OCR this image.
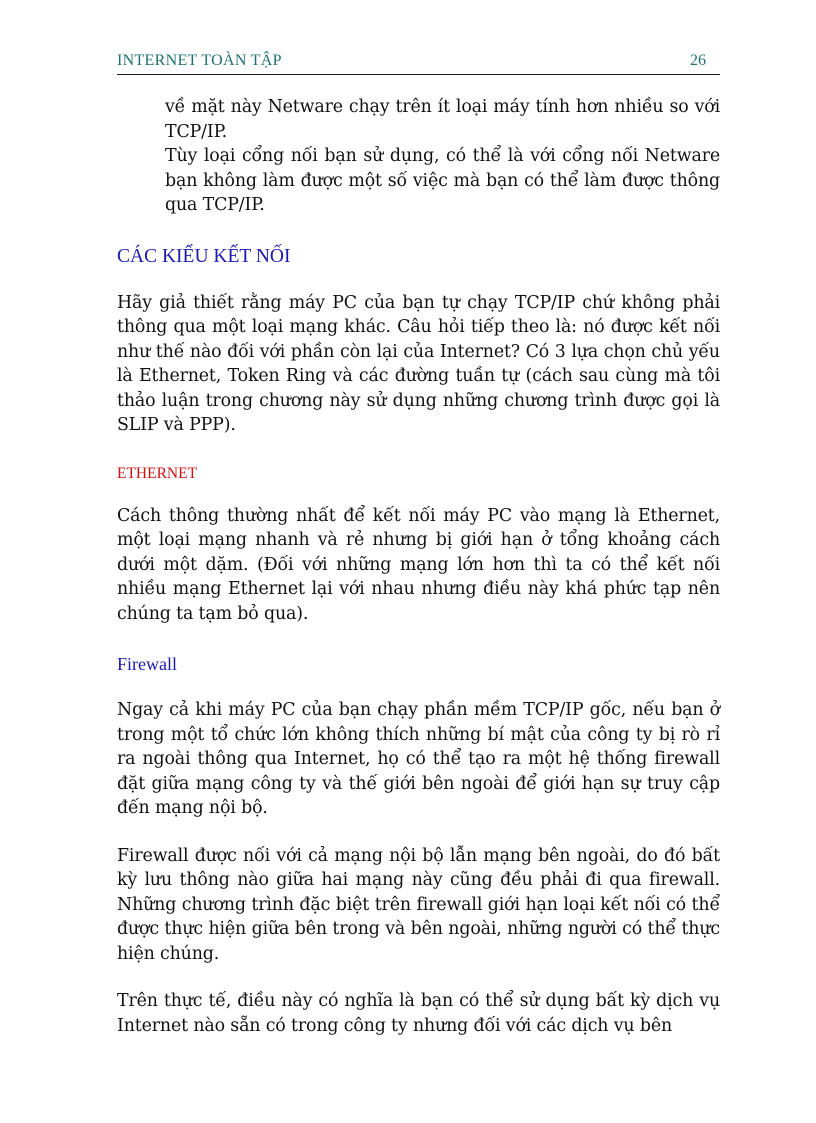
INTERNET TOÀN TẬP	26

về mặt này Netware chạy trên ít loại máy tính hơn nhiều so với TCP/IP.

Tùy loại cổng nối bạn sử dụng, có thể là với cổng nối Netware bạn không làm được một số việc mà bạn có thể làm được thông qua TCP/IP.

CÁC KIỂU KẾT NỐI

Hãy giả thiết rằng máy PC của bạn tự chạy TCP/IP chứ không phải thông qua một loại mạng khác. Câu hỏi tiếp theo là: nó được kết nối như thế nào đối với phần còn lại của Internet? Có 3 lựa chọn chủ yếu là Ethernet, Token Ring và các đường tuần tự (cách sau cùng mà tôi thảo luận trong chương này sử dụng những chương trình được gọi là SLIP và PPP).

ETHERNET

Cách thông thường nhất để kết nối máy PC vào mạng là Ethernet, một loại mạng nhanh và rẻ nhưng bị giới hạn ở tổng khoảng cách dưới một dặm. (Đối với những mạng lớn hơn thì ta có thể kết nối nhiều mạng Ethernet lại với nhau nhưng điều này khá phức tạp nên chúng ta tạm bỏ qua).

Firewall

Ngay cả khi máy PC của bạn chạy phần mềm TCP/IP gốc, nếu bạn ở trong một tổ chức lớn không thích những bí mật của công ty bị rò rỉ ra ngoài thông qua Internet, họ có thể tạo ra một hệ thống firewall đặt giữa mạng công ty và thế giới bên ngoài để giới hạn sự truy cập đến mạng nội bộ.

Firewall được nối với cả mạng nội bộ lẫn mạng bên ngoài, do đó bất kỳ lưu thông nào giữa hai mạng này cũng đều phải đi qua firewall. Những chương trình đặc biệt trên firewall giới hạn loại kết nối có thể được thực hiện giữa bên trong và bên ngoài, những người có thể thực hiện chúng.

Trên thực tế, điều này có nghĩa là bạn có thể sử dụng bất kỳ dịch vụ Internet nào sẵn có trong công ty nhưng đối với các dịch vụ bên
